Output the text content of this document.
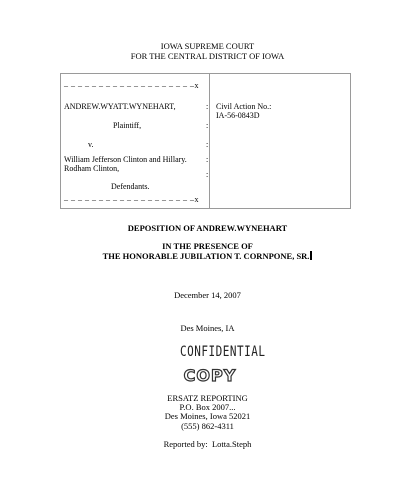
IOWA SUPREME COURT
FOR THE CENTRAL DISTRICT OF IOWA
– – – – – – – – – – – – – – – – – – –x
ANDREW.WYATT.WYNEHART,
Plaintiff,
v.
William Jefferson Clinton and Hillary.
Rodham Clinton,
Defendants.
– – – – – – – – – – – – – – – – – – –x
:
:
:
:
:
Civil Action No.:
IA-56-0843D
DEPOSITION OF ANDREW.WYNEHART
IN THE PRESENCE OF
THE HONORABLE JUBILATION T. CORNPONE, SR.
December 14, 2007
Des Moines, IA
CONFIDENTIAL
COPY
ERSATZ REPORTING
P.O. Box 2007...
Des Moines, Iowa 52021
(555) 862-4311
Reported by: Lotta.Steph
